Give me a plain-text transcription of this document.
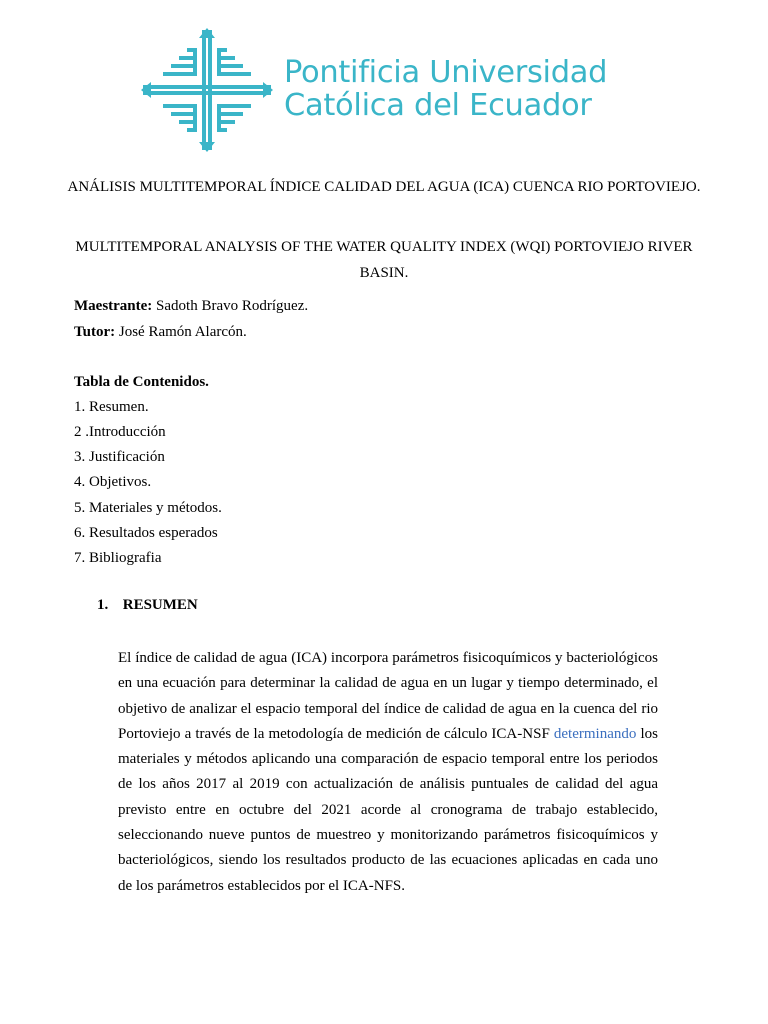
Pontificia Universidad
Católica del Ecuador
ANÁLISIS MULTITEMPORAL ÍNDICE CALIDAD DEL AGUA (ICA) CUENCA RIO PORTOVIEJO.
MULTITEMPORAL ANALYSIS OF THE WATER QUALITY INDEX (WQI) PORTOVIEJO RIVER BASIN.
Maestrante: Sadoth Bravo Rodríguez.
Tutor: José Ramón Alarcón.
Tabla de Contenidos.
1. Resumen.
2 .Introducción
3. Justificación
4. Objetivos.
5. Materiales y métodos.
6. Resultados esperados
7. Bibliografia
1. RESUMEN
El índice de calidad de agua (ICA) incorpora parámetros fisicoquímicos y bacteriológicos en una ecuación para determinar la calidad de agua en un lugar y tiempo determinado, el objetivo de analizar el espacio temporal del índice de calidad de agua en la cuenca del rio Portoviejo a través de la metodología de medición de cálculo ICA-NSF determinando los materiales y métodos aplicando una comparación de espacio temporal entre los periodos de los años 2017 al 2019 con actualización de análisis puntuales de calidad del agua previsto entre en octubre del 2021 acorde al cronograma de trabajo establecido, seleccionando nueve puntos de muestreo y monitorizando parámetros fisicoquímicos y bacteriológicos, siendo los resultados producto de las ecuaciones aplicadas en cada uno de los parámetros establecidos por el ICA-NFS.
